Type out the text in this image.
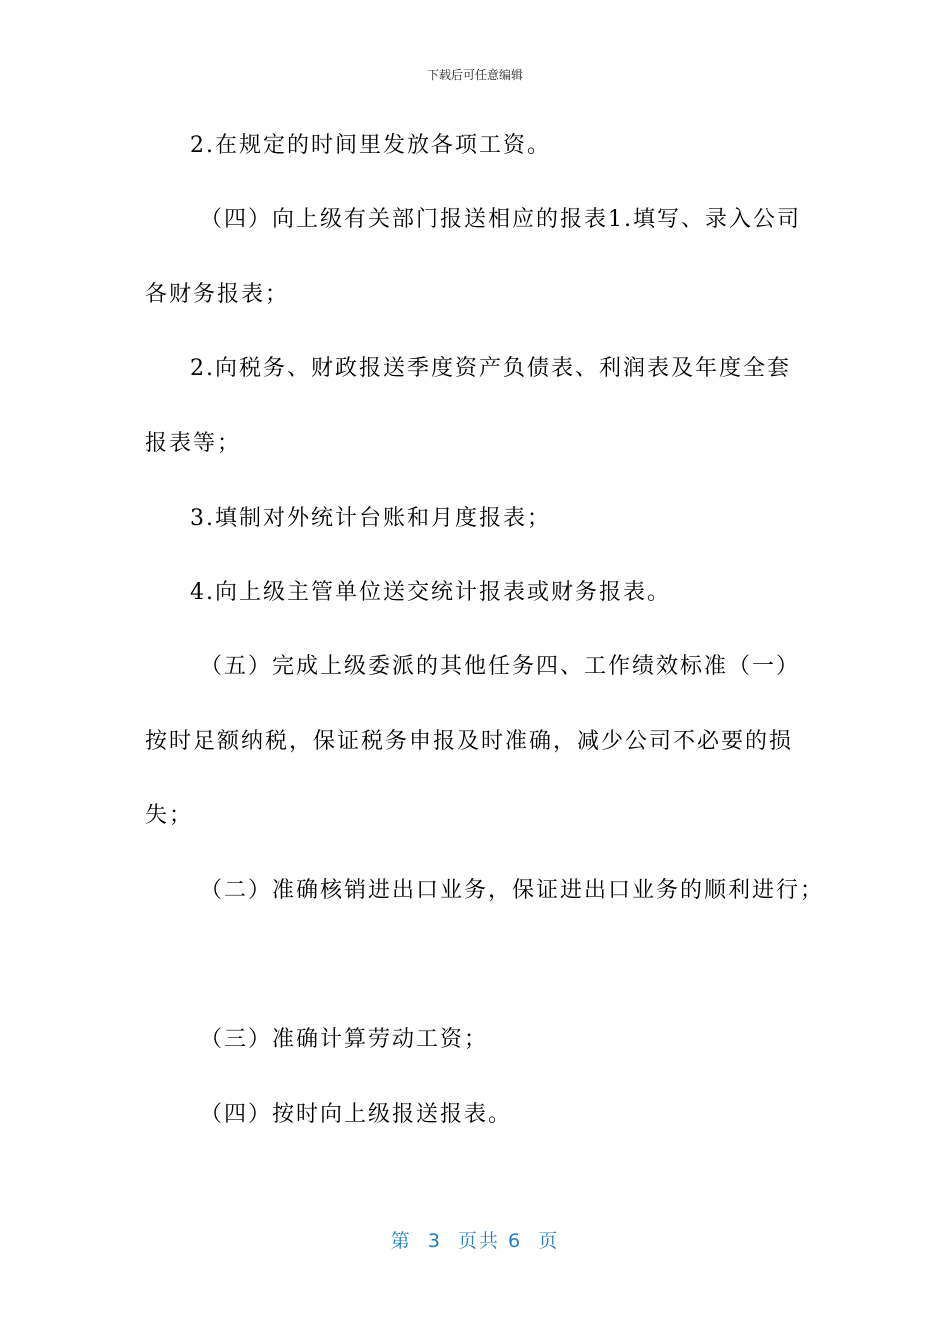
下载后可任意编辑
2.在规定的时间里发放各项工资。
（四）向上级有关部门报送相应的报表1.填写、录入公司
各财务报表；
2.向税务、财政报送季度资产负债表、利润表及年度全套
报表等；
3.填制对外统计台账和月度报表；
4.向上级主管单位送交统计报表或财务报表。
（五）完成上级委派的其他任务四、工作绩效标准（一）
按时足额纳税，保证税务申报及时准确，减少公司不必要的损
失；
（二）准确核销进出口业务，保证进出口业务的顺利进行；
（三）准确计算劳动工资；
（四）按时向上级报送报表。
第  3  页共 6  页
